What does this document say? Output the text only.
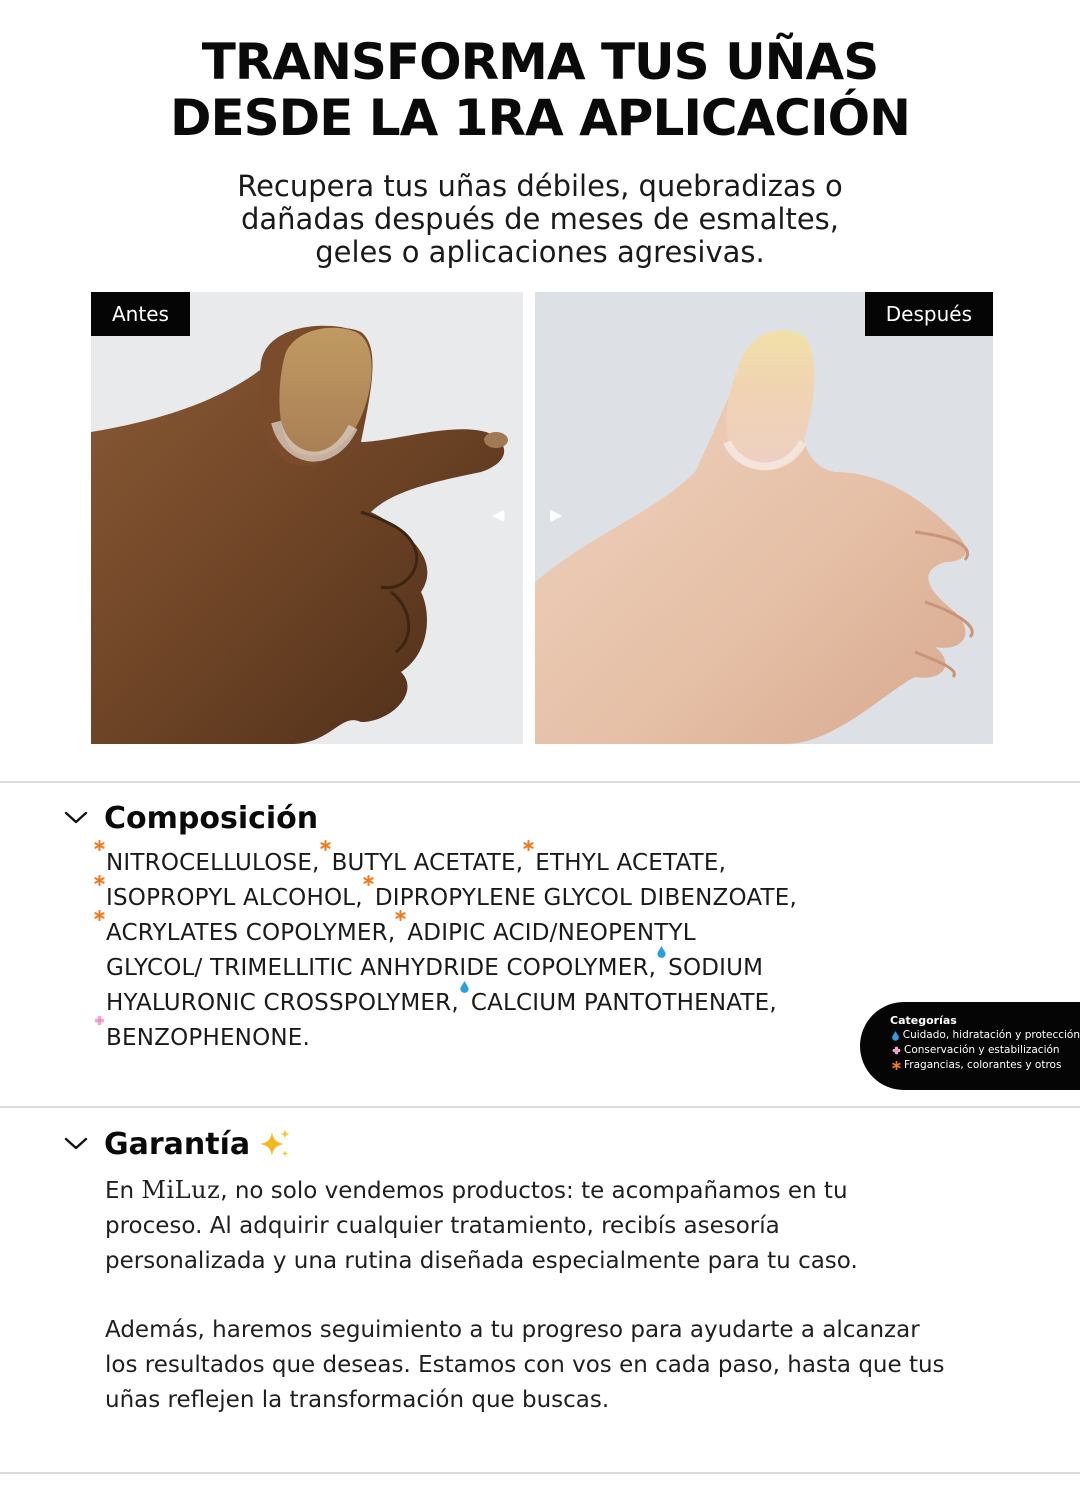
TRANSFORMA TUS UÑAS
DESDE LA 1RA APLICACIÓN
Recupera tus uñas débiles, quebradizas o
dañadas después de meses de esmaltes,
geles o aplicaciones agresivas.
Antes
◀
Después
▶
Composición
NITROCELLULOSE, BUTYL ACETATE, ETHYL ACETATE,
ISOPROPYL ALCOHOL, DIPROPYLENE GLYCOL DIBENZOATE,
ACRYLATES COPOLYMER, ADIPIC ACID/NEOPENTYL
GLYCOL/ TRIMELLITIC ANHYDRIDE COPOLYMER, SODIUM
HYALURONIC CROSSPOLYMER, CALCIUM PANTOTHENATE,
BENZOPHENONE.
Categorías
Cuidado, hidratación y protección
Conservación y estabilización
Fragancias, colorantes y otros
Garantía
En MiLuz, no solo vendemos productos: te acompañamos en tu
proceso. Al adquirir cualquier tratamiento, recibís asesoría
personalizada y una rutina diseñada especialmente para tu caso.
Además, haremos seguimiento a tu progreso para ayudarte a alcanzar
los resultados que deseas. Estamos con vos en cada paso, hasta que tus
uñas reflejen la transformación que buscas.
